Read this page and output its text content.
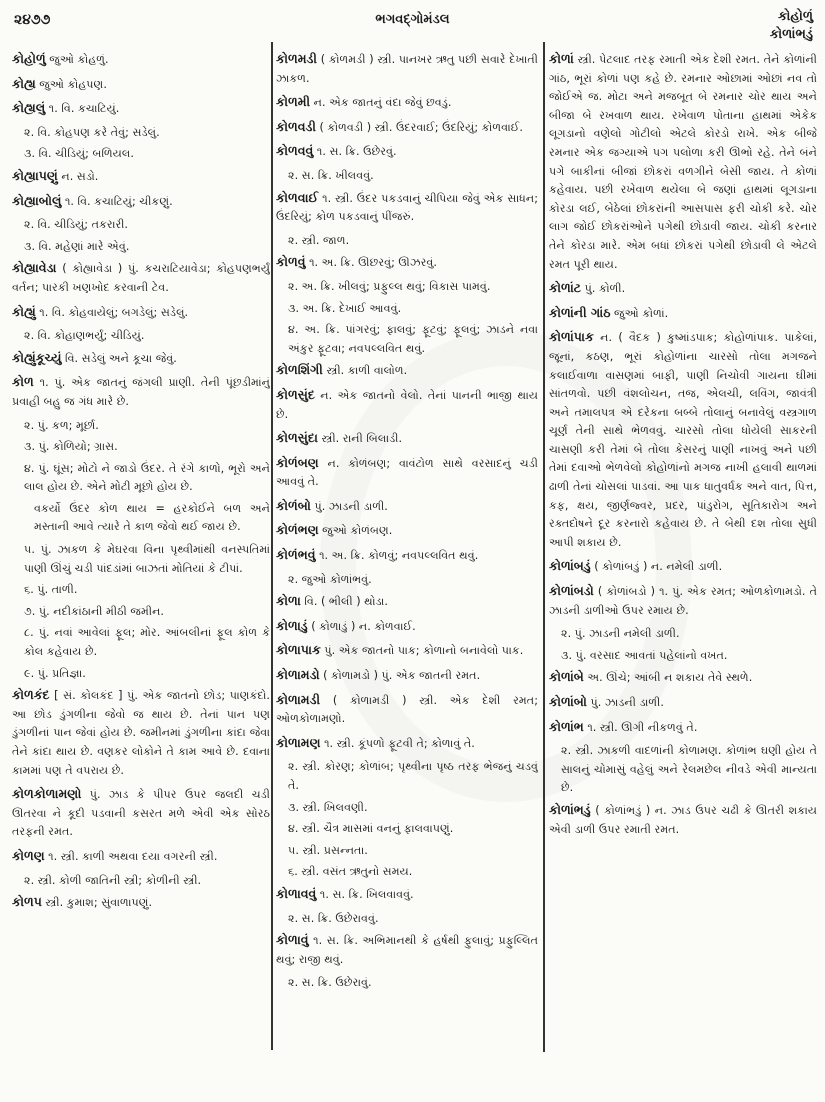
૨૪૭૭	ભગવદ્ગોમંડલ	કોહોળું
કોળાંભડું
કોહોળું જુઓ કોહળું.
કોહ્ય જુઓ કોહપણ.
કોહ્યલું ૧. વિ. કચાટિયું.
૨. વિ. કોહપણ કરે તેવું; સડેલું.
૩. વિ. ચીડિયું; બળિયલ.
કોહ્યાપણું ન. સડો.
કોહ્યાબોલું ૧. વિ. કચાટિયું; ચીકણું.
૨. વિ. ચીડિયું; તકરારી.
૩. વિ. મહેણાં મારે એવું.
કોહ્યાવેડા ( કોહ્યાવેડા ) પું. કચરાટિયાવેડા; કોહપણભર્યું વર્તન; પારકી ખણખોદ કરવાની ટેવ.
કોહ્યું ૧. વિ. કોહવાયેલું; બગડેલું; સડેલું.
૨. વિ. કોહાણભર્યું; ચીડિયું.
કોહ્યુંકૂચ્યું વિ. સડેલું અને કૂચા જેવું.
કોળ ૧. પું. એક જાતનું જંગલી પ્રાણી. તેની પૂંછડીમાંનું પ્રવાહી બહુ જ ગંધ મારે છે.
૨. પું. કળ; મૂર્છા.
૩. પું. કોળિયો; ગ્રાસ.
૪. પું. ઘૂંસ; મોટો ને જાડો ઉંદર. તે રંગે કાળો, ભૂરો અને લાલ હોય છે. એને મોટી મૂછો હોય છે.
વકર્યો ઉંદર કોળ થાય = હરકોઈને બળ અને મસ્તાની આવે ત્યારે તે કાળ જેવો થઈ જાય છે.
૫. પું. ઝાકળ કે મેઘરવા વિના પૃથ્વીમાંથી વનસ્પતિમાં પાણી ઊંચું ચડી પાંદડાંમાં બાઝતાં મોતિયાં કે ટીપાં.
૬. પું. તાળી.
૭. પું. નદીકાંઠાની મીઠી જમીન.
૮. પું. નવાં આવેલાં ફૂલ; મોર. આંબલીનાં ફૂલ કોળ કે કોલ કહેવાય છે.
૯. પું. પ્રતિજ્ઞા.
કોળકંદ [ સં. કોલકંદ ] પું. એક જાતનો છોડ; પાણકંદો. આ છોડ ડુંગળીના જેવો જ થાય છે. તેનાં પાન પણ ડુંગળીનાં પાન જેવાં હોય છે. જમીનમાં ડુંગળીના કાંદા જેવા તેને કાંદા થાય છે. વણકર લોકોને તે કામ આવે છે. દવાના કામમાં પણ તે વપરાય છે.
કોળકોળામણો પું. ઝાડ કે પીપર ઉપર જલદી ચડી ઊતરવા ને કૂદી પડવાની કસરત મળે એવી એક સોરઠ તરફની રમત.
કોળણ ૧. સ્ત્રી. કાળી અથવા દયા વગરની સ્ત્રી.
૨. સ્ત્રી. કોળી જાતિની સ્ત્રી; કોળીની સ્ત્રી.
કોળપ સ્ત્રી. કુમાશ; સુંવાળાપણું.
કોળમડી ( કોળમડી ) સ્ત્રી. પાનખર ઋતુ પછી સવારે દેખાતી ઝાકળ.
કોળમી ન. એક જાતનું વંદા જેવું છવડું.
કોળવડી ( કોળવડી ) સ્ત્રી. ઉંદરવાઈ; ઉંદરિયું; કોળવાઈ.
કોળવવું ૧. સ. ક્રિ. ઉછેરવું.
૨. સ. ક્રિ. ખીલવવું.
કોળવાઈ ૧. સ્ત્રી. ઉંદર પકડવાનું ચીપિયા જેવું એક સાધન; ઉંદરિયું; કોળ પકડવાનું પીંજરું.
૨. સ્ત્રી. જાળ.
કોળવું ૧. અ. ક્રિ. ઊછરવું; ઊઝરવું.
૨. અ. ક્રિ. ખીલવું; પ્રફુલ્લ થવું; વિકાસ પામવું.
૩. અ. ક્રિ. દેખાઈ આવવું.
૪. અ. ક્રિ. પાંગરવું; ફાલવું; ફૂટવું; ફૂલવું; ઝાડને નવા અંકુર ફૂટવા; નવપલ્લવિત થવું.
કોળશિંગી સ્ત્રી. કાળી વાલોળ.
કોળસુંદ ન. એક જાતનો વેલો. તેનાં પાનની ભાજી થાય છે.
કોળસુંદા સ્ત્રી. રાની બિલાડી.
કોળંબણ ન. કોળંબણ; વાવંટોળ સાથે વરસાદનું ચડી આવવું તે.
કોળંબો પું. ઝાડની ડાળી.
કોળંભણ જુઓ કોળંબણ.
કોળંભવું ૧. અ. ક્રિ. કોળવું; નવપલ્લવિત થવું.
૨. જુઓ કોળાંભવું.
કોળા વિ. ( ભીલી ) થોડા.
કોળાડું ( કોળાડું ) ન. કોળવાઈ.
કોળાપાક પું. એક જાતનો પાક; કોળાનો બનાવેલો પાક.
કોળામડો ( કોળામડો ) પું. એક જાતની રમત.
કોળામડી ( કોળામડી ) સ્ત્રી. એક દેશી રમત; ઓળકોળામણો.
કોળામણ ૧. સ્ત્રી. કૂંપળો ફૂટવી તે; કોળાવું તે.
૨. સ્ત્રી. કોરણ; કોળાંબ; પૃથ્વીના પૃષ્ઠ તરફ ભેજનું ચડવું તે.
૩. સ્ત્રી. ખિલવણી.
૪. સ્ત્રી. ચૈત્ર માસમાં વનનું ફાલવાપણું.
૫. સ્ત્રી. પ્રસન્નતા.
૬. સ્ત્રી. વસંત ઋતુનો સમય.
કોળાવવું ૧. સ. ક્રિ. ખિલવાવવું.
૨. સ. ક્રિ. ઉછેરાવવું.
કોળાવું ૧. સ. ક્રિ. અભિમાનથી કે હર્ષથી ફુલાવું; પ્રફુલ્લિત થવું; રાજી થવું.
૨. સ. ક્રિ. ઉછેરાવું.
કોળાં સ્ત્રી. પેટલાદ તરફ રમાતી એક દેશી રમત. તેને કોળાંની ગાંઠ, ભૂરાં કોળાં પણ કહે છે. રમનાર ઓછામાં ઓછાં નવ તો જોઈએ જ. મોટા અને મજબૂત બે રમનાર ચોર થાય અને બીજા બે રખવાળ થાય. રખેવાળ પોતાના હાથમાં એકેક લૂગડાનો વણેલો ગોટીલો એટલે કોરડો રાખે. એક બીજે રમનાર એક જગ્યાએ પગ પલોળા કરી ઊભો રહે. તેને બંને પગે બાકીનાં બીજાં છોકરાં વળગીને બેસી જાય. તે કોળાં કહેવાય. પછી રખેવાળ થયેલા બે જણાં હાથમાં લૂગડાના કોરડા લઈ, બેઠેલાં છોકરાંની આસપાસ ફરી ચોકી કરે. ચોર લાગ જોઈ છોકરાંઓને પગેથી છોડાવી જાય. ચોકી કરનાર તેને કોરડા મારે. એમ બધાં છોકરાં પગેથી છોડાવી લે એટલે રમત પૂરી થાય.
કોળાંટ પું. કોળી.
કોળાંની ગાંઠ જુઓ કોળાં.
કોળાંપાક ન. ( વૈદક ) કુષ્માંડપાક; કોહોળાંપાક. પાકેલાં, જૂનાં, કઠણ, ભૂરાં કોહોળાંના ચારસો તોલા મગજને કલાઈવાળા વાસણમાં બાફી, પાણી નિચોવી ગાયના ઘીમાં સાંતળવો. પછી વંશલોચન, તજ, એલચી, લવિંગ, જાવંત્રી અને તમાલપત્ર એ દરેકના બબ્બે તોલાનું બનાવેલું વસ્ત્રગાળ ચૂર્ણ તેની સાથે ભેળવવું. ચારસો તોલા ધોયેલી સાકરની ચાસણી કરી તેમાં બે તોલા કેસરનું પાણી નાખવું અને પછી તેમાં દવાઓ ભેળવેલો કોહોળાંનો મગજ નાખી હલાવી થાળમાં ઢાળી તેનાં ચોસલાં પાડવાં. આ પાક ધાતુવર્ધક અને વાત, પિત્ત, કફ, ક્ષય, જીર્ણજ્વર, પ્રદર, પાંડુરોગ, સૂતિકારોગ અને રક્તદોષને દૂર કરનારો કહેવાય છે. તે બેથી દશ તોલા સુધી આપી શકાય છે.
કોળાંબડું ( કોળાંબડું ) ન. નમેલી ડાળી.
કોળાંબડો ( કોળાંબડો ) ૧. પું. એક રમત; ઓળકોળામડો. તે ઝાડની ડાળીઓ ઉપર રમાય છે.
૨. પું. ઝાડની નમેલી ડાળી.
૩. પું. વરસાદ આવતાં પહેલાંનો વખત.
કોળાંબે અ. ઊંચે; આંબી ન શકાય તેવે સ્થળે.
કોળાંબો પું. ઝાડની ડાળી.
કોળાંભ ૧. સ્ત્રી. ઊગી નીકળવું તે.
૨. સ્ત્રી. ઝાકળી વાદળાંની કોળામણ. કોળાંભ ઘણી હોય તે સાલનું ચોમાસું વહેલું અને રેલમછેલ નીવડે એવી માન્યતા છે.
કોળાંભડું ( કોળાંભડું ) ન. ઝાડ ઉપર ચઢી કે ઊતરી શકાય એવી ડાળી ઉપર રમાતી રમત.
